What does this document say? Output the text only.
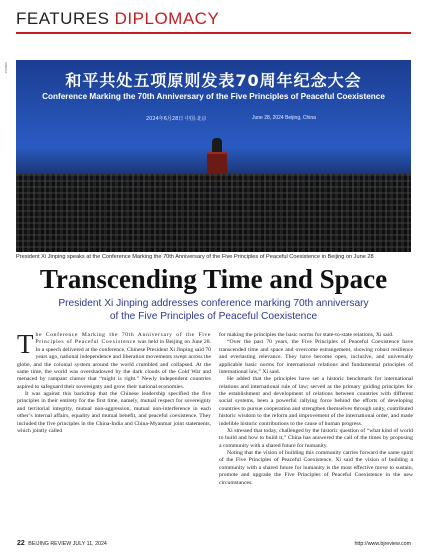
FEATURES DIPLOMACY
XINHUA
和平共处五项原则发表70周年纪念大会
Conference Marking the 70th Anniversary of the Five Principles of Peaceful Coexistence
2024年6月28日 中国·北京	June 28, 2024 Beijing, China
President Xi Jinping speaks at the Conference Marking the 70th Anniversary of the Five Principles of Peaceful Coexistence in Beijing on June 28
Transcending Time and Space
President Xi Jinping addresses conference marking 70th anniversary
of the Five Principles of Peaceful Coexistence

The Conference Marking the 70th Anniversary of the Five Principles of Peaceful Coexistence was held in Beijing on June 28. In a speech delivered at the conference, Chinese President Xi Jinping said 70 years ago, national independence and liberation movements swept across the globe, and the colonial system around the world crumbled and collapsed. At the same time, the world was overshadowed by the dark clouds of the Cold War and menaced by rampant clamor that “might is right.” Newly independent countries aspired to safeguard their sovereignty and grow their national economies.

It was against this backdrop that the Chinese leadership specified the five principles in their entirety for the first time, namely, mutual respect for sovereignty and territorial integrity, mutual non-aggression, mutual non-interference in each other’s internal affairs, equality and mutual benefit, and peaceful coexistence. They included the five principles in the China-India and China-Myanmar joint statements, which jointly called

for making the principles the basic norms for state-to-state relations, Xi said.

“Over the past 70 years, the Five Principles of Peaceful Coexistence have transcended time and space and overcome estrangement, showing robust resilience and everlasting relevance. They have become open, inclusive, and universally applicable basic norms for international relations and fundamental principles of international law,” Xi said.

He added that the principles have set a historic benchmark for international relations and international rule of law; served as the primary guiding principles for the establishment and development of relations between countries with different social systems, been a powerful rallying force behind the efforts of developing countries to pursue cooperation and strengthen themselves through unity, contributed historic wisdom to the reform and improvement of the international order, and made indelible historic contributions to the cause of human progress.

Xi stressed that today, challenged by the historic question of “what kind of world to build and how to build it,” China has answered the call of the times by proposing a community with a shared future for humanity.

Noting that the vision of building this community carries forward the same spirit of the Five Principles of Peaceful Coexistence, Xi said the vision of building a community with a shared future for humanity is the most effective move to sustain, promote and upgrade the Five Principles of Peaceful Coexistence in the new circumstances.

22 BEIJING REVIEW JULY 11, 2024	http://www.bjreview.com
